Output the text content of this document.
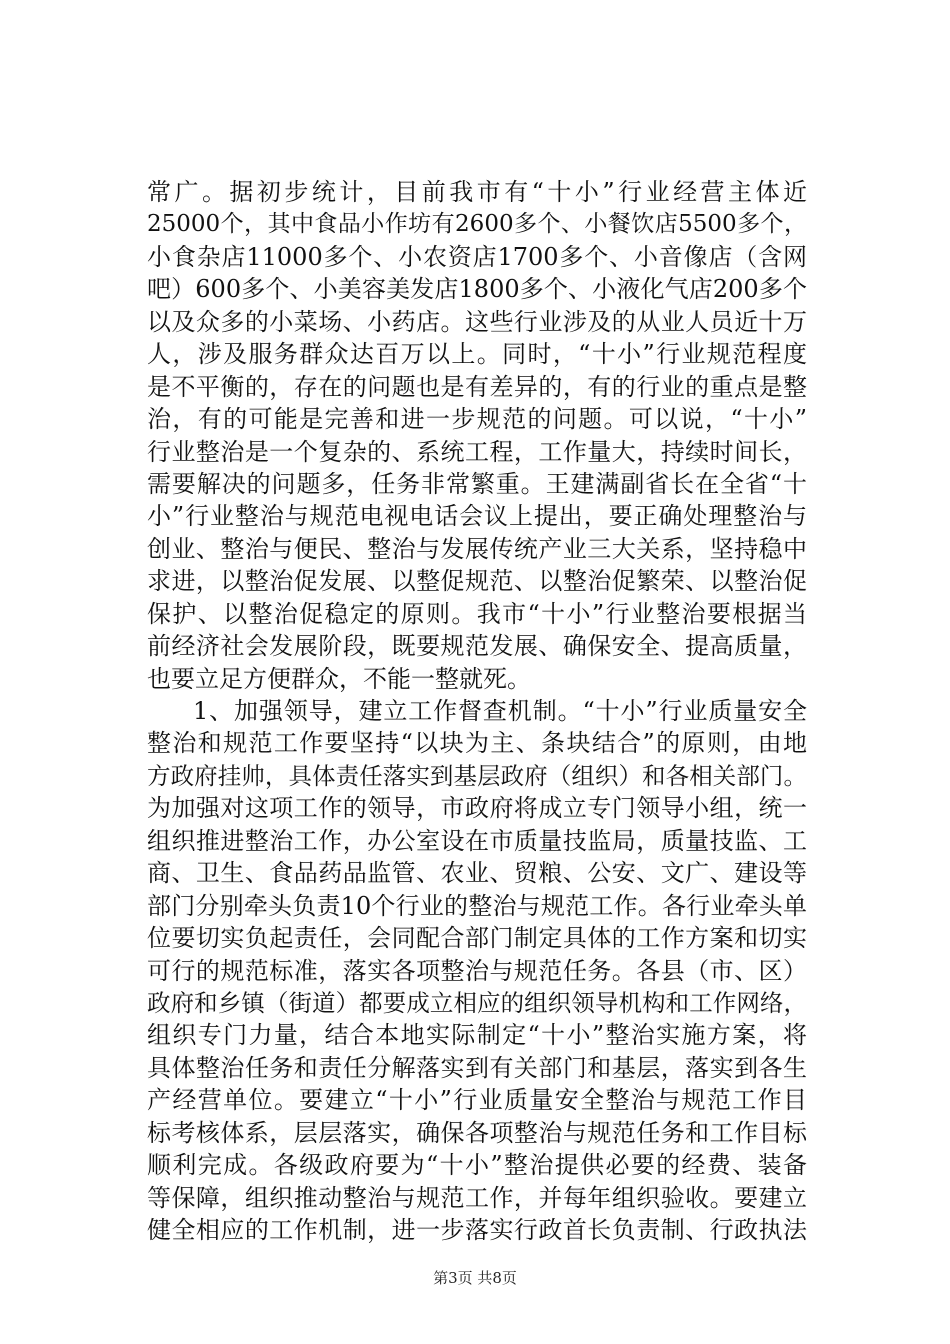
常广。据初步统计，目前我市有“十小”行业经营主体近
25000个，其中食品小作坊有2600多个、小餐饮店5500多个，
小食杂店11000多个、小农资店1700多个、小音像店（含网
吧）600多个、小美容美发店1800多个、小液化气店200多个
以及众多的小菜场、小药店。这些行业涉及的从业人员近十万
人，涉及服务群众达百万以上。同时，“十小”行业规范程度
是不平衡的，存在的问题也是有差异的，有的行业的重点是整
治，有的可能是完善和进一步规范的问题。可以说，“十小”
行业整治是一个复杂的、系统工程，工作量大，持续时间长，
需要解决的问题多，任务非常繁重。王建满副省长在全省“十
小”行业整治与规范电视电话会议上提出，要正确处理整治与
创业、整治与便民、整治与发展传统产业三大关系，坚持稳中
求进，以整治促发展、以整促规范、以整治促繁荣、以整治促
保护、以整治促稳定的原则。我市“十小”行业整治要根据当
前经济社会发展阶段，既要规范发展、确保安全、提高质量，
也要立足方便群众，不能一整就死。
1、加强领导，建立工作督查机制。“十小”行业质量安全
整治和规范工作要坚持“以块为主、条块结合”的原则，由地
方政府挂帅，具体责任落实到基层政府（组织）和各相关部门。
为加强对这项工作的领导，市政府将成立专门领导小组，统一
组织推进整治工作，办公室设在市质量技监局，质量技监、工
商、卫生、食品药品监管、农业、贸粮、公安、文广、建设等
部门分别牵头负责10个行业的整治与规范工作。各行业牵头单
位要切实负起责任，会同配合部门制定具体的工作方案和切实
可行的规范标准，落实各项整治与规范任务。各县（市、区）
政府和乡镇（街道）都要成立相应的组织领导机构和工作网络，
组织专门力量，结合本地实际制定“十小”整治实施方案，将
具体整治任务和责任分解落实到有关部门和基层，落实到各生
产经营单位。要建立“十小”行业质量安全整治与规范工作目
标考核体系，层层落实，确保各项整治与规范任务和工作目标
顺利完成。各级政府要为“十小”整治提供必要的经费、装备
等保障，组织推动整治与规范工作，并每年组织验收。要建立
健全相应的工作机制，进一步落实行政首长负责制、行政执法
第3页 共8页
